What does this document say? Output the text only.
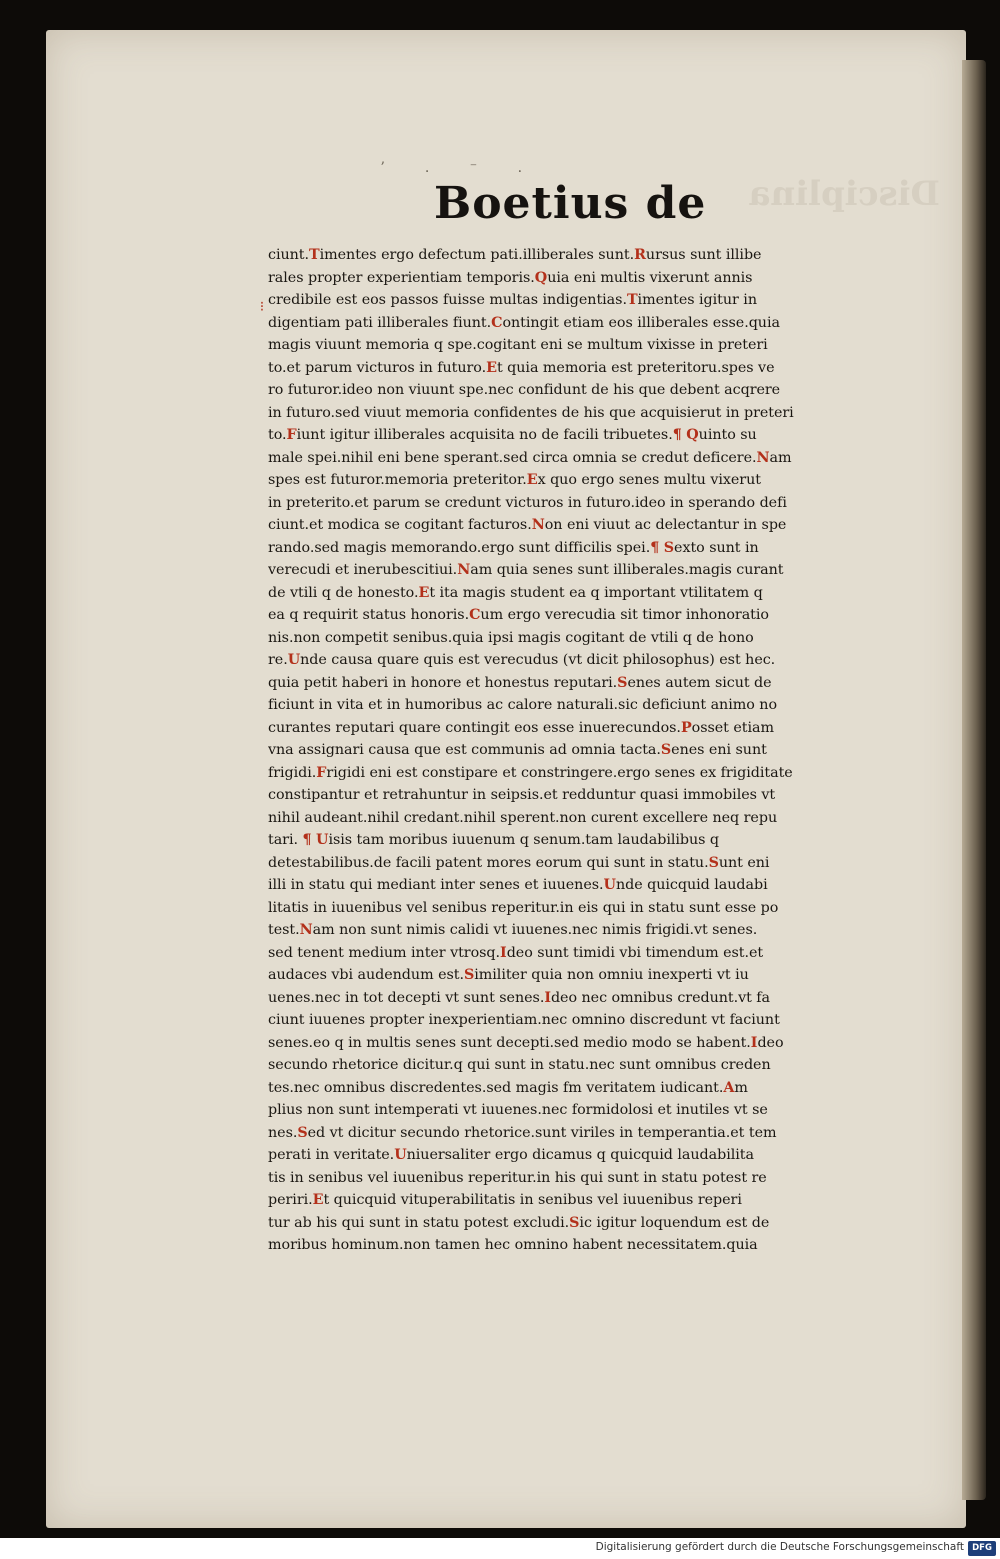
Disciplina
ʼ . ⁻ .
Boetius de
⁝
ciunt.Timentes ergo defectum pati.illiberales sunt.Rursus sunt illibe
rales propter experientiam temporis.Quia eni multis vixerunt annis
credibile est eos passos fuisse multas indigentias.Timentes igitur in
digentiam pati illiberales fiunt.Contingit etiam eos illiberales esse.quia
magis viuunt memoria q spe.cogitant eni se multum vixisse in preteri
to.et parum victuros in futuro.Et quia memoria est preteritoru.spes ve
ro futuror.ideo non viuunt spe.nec confidunt de his que debent acqrere
in futuro.sed viuut memoria confidentes de his que acquisierut in preteri
to.Fiunt igitur illiberales acquisita no de facili tribuetes.¶ Quinto su
male spei.nihil eni bene sperant.sed circa omnia se credut deficere.Nam
spes est futuror.memoria preteritor.Ex quo ergo senes multu vixerut
in preterito.et parum se credunt victuros in futuro.ideo in sperando defi
ciunt.et modica se cogitant facturos.Non eni viuut ac delectantur in spe
rando.sed magis memorando.ergo sunt difficilis spei.¶ Sexto sunt in
verecudi et inerubescitiui.Nam quia senes sunt illiberales.magis curant
de vtili q de honesto.Et ita magis student ea q important vtilitatem q
ea q requirit status honoris.Cum ergo verecudia sit timor inhonoratio
nis.non competit senibus.quia ipsi magis cogitant de vtili q de hono
re.Unde causa quare quis est verecudus (vt dicit philosophus) est hec.
quia petit haberi in honore et honestus reputari.Senes autem sicut de
ficiunt in vita et in humoribus ac calore naturali.sic deficiunt animo no
curantes reputari quare contingit eos esse inuerecundos.Posset etiam
vna assignari causa que est communis ad omnia tacta.Senes eni sunt
frigidi.Frigidi eni est constipare et constringere.ergo senes ex frigiditate
constipantur et retrahuntur in seipsis.et redduntur quasi immobiles vt
nihil audeant.nihil credant.nihil sperent.non curent excellere neq repu
tari. ¶ Uisis tam moribus iuuenum q senum.tam laudabilibus q
detestabilibus.de facili patent mores eorum qui sunt in statu.Sunt eni
illi in statu qui mediant inter senes et iuuenes.Unde quicquid laudabi
litatis in iuuenibus vel senibus reperitur.in eis qui in statu sunt esse po
test.Nam non sunt nimis calidi vt iuuenes.nec nimis frigidi.vt senes.
sed tenent medium inter vtrosq.Ideo sunt timidi vbi timendum est.et
audaces vbi audendum est.Similiter quia non omniu inexperti vt iu
uenes.nec in tot decepti vt sunt senes.Ideo nec omnibus credunt.vt fa
ciunt iuuenes propter inexperientiam.nec omnino discredunt vt faciunt
senes.eo q in multis senes sunt decepti.sed medio modo se habent.Ideo
secundo rhetorice dicitur.q qui sunt in statu.nec sunt omnibus creden
tes.nec omnibus discredentes.sed magis fm veritatem iudicant.Am
plius non sunt intemperati vt iuuenes.nec formidolosi et inutiles vt se
nes.Sed vt dicitur secundo rhetorice.sunt viriles in temperantia.et tem
perati in veritate.Uniuersaliter ergo dicamus q quicquid laudabilita
tis in senibus vel iuuenibus reperitur.in his qui sunt in statu potest re
periri.Et quicquid vituperabilitatis in senibus vel iuuenibus reperi
tur ab his qui sunt in statu potest excludi.Sic igitur loquendum est de
moribus hominum.non tamen hec omnino habent necessitatem.quia
Digitalisierung gefördert durch die Deutsche Forschungsgemeinschaft DFG
